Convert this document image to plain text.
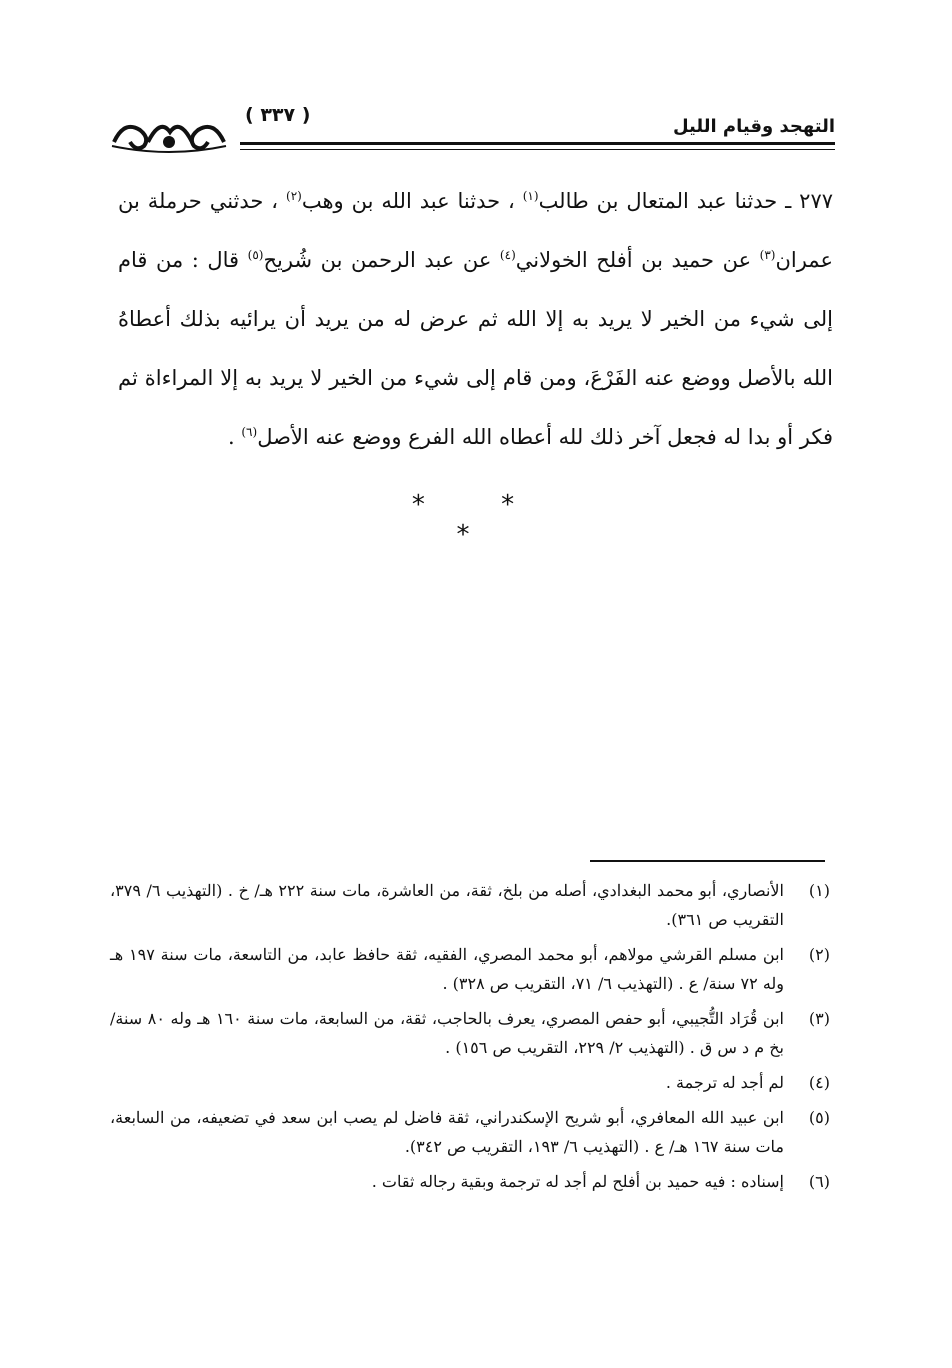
( ٣٣٧ )
التهجد وقيام الليل

٢٧٧ ـ حدثنا عبد المتعال بن طالب$^{(١)}$ ، حدثنا عبد الله بن وهب$^{(٢)}$ ، حدثني حرملة بن عمران$^{(٣)}$ عن حميد بن أفلح الخولاني$^{(٤)}$ عن عبد الرحمن بن شُريح$^{(٥)}$ قال : من قام إلى شيء من الخير لا يريد به إلا الله ثم عرض له من يريد أن يرائيه بذلك أعطاهُ الله بالأصل ووضع عنه الفَرْعَ، ومن قام إلى شيء من الخير لا يريد به إلا المراءاة ثم فكر أو بدا له فجعل آخر ذلك لله أعطاه الله الفرع ووضع عنه الأصل$^{(٦)}$ .

* * *
(١)
الأنصاري، أبو محمد البغدادي، أصله من بلخ، ثقة، من العاشرة، مات سنة ٢٢٢ هـ/ خ . (التهذيب ٦/ ٣٧٩، التقريب ص ٣٦١).
(٢)
ابن مسلم القرشي مولاهم، أبو محمد المصري، الفقيه، ثقة حافظ عابد، من التاسعة، مات سنة ١٩٧ هـ وله ٧٢ سنة/ ع . (التهذيب ٦/ ٧١، التقريب ص ٣٢٨) .
(٣)
ابن قُرَاد التُّجيبي، أبو حفص المصري، يعرف بالحاجب، ثقة، من السابعة، مات سنة ١٦٠ هـ وله ٨٠ سنة/ بخ م د س ق . (التهذيب ٢/ ٢٢٩، التقريب ص ١٥٦) .
(٤)
لم أجد له ترجمة .
(٥)
ابن عبيد الله المعافري، أبو شريح الإسكندراني، ثقة فاضل لم يصب ابن سعد في تضعيفه، من السابعة، مات سنة ١٦٧ هـ/ ع . (التهذيب ٦/ ١٩٣، التقريب ص ٣٤٢).
(٦)
إسناده : فيه حميد بن أفلح لم أجد له ترجمة وبقية رجاله ثقات .
